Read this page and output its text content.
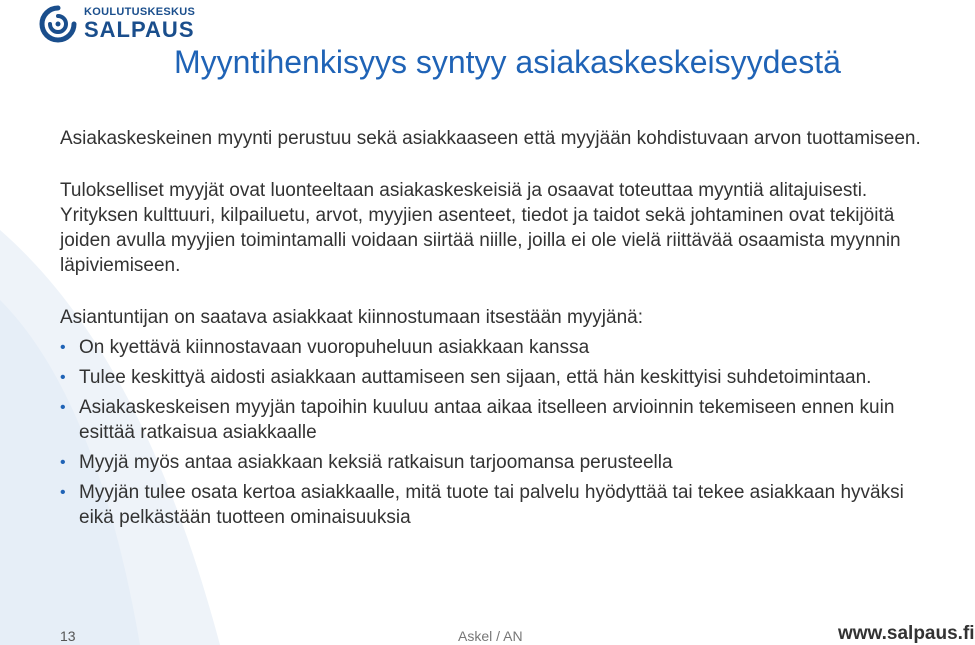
KOULUTUSKESKUS
SALPAUS
Myyntihenkisyys syntyy asiakaskeskeisyydestä

Asiakaskeskeinen myynti perustuu sekä asiakkaaseen että myyjään kohdistuvaan arvon tuottamiseen.

Tulokselliset myyjät ovat luonteeltaan asiakaskeskeisiä ja osaavat toteuttaa myyntiä alitajuisesti. Yrityksen kulttuuri, kilpailuetu, arvot, myyjien asenteet, tiedot ja taidot sekä johtaminen ovat tekijöitä joiden avulla myyjien toimintamalli voidaan siirtää niille, joilla ei ole vielä riittävää osaamista myynnin läpiviemiseen.

Asiantuntijan on saatava asiakkaat kiinnostumaan itsestään myyjänä:

• On kyettävä kiinnostavaan vuoropuheluun asiakkaan kanssa
• Tulee keskittyä aidosti asiakkaan auttamiseen sen sijaan, että hän keskittyisi suhdetoimintaan.
• Asiakaskeskeisen myyjän tapoihin kuuluu antaa aikaa itselleen arvioinnin tekemiseen ennen kuin esittää ratkaisua asiakkaalle
• Myyjä myös antaa asiakkaan keksiä ratkaisun tarjoomansa perusteella
• Myyjän tulee osata kertoa asiakkaalle, mitä tuote tai palvelu hyödyttää tai tekee asiakkaan hyväksi eikä pelkästään tuotteen ominaisuuksia
13	Askel / AN	www.salpaus.fi
